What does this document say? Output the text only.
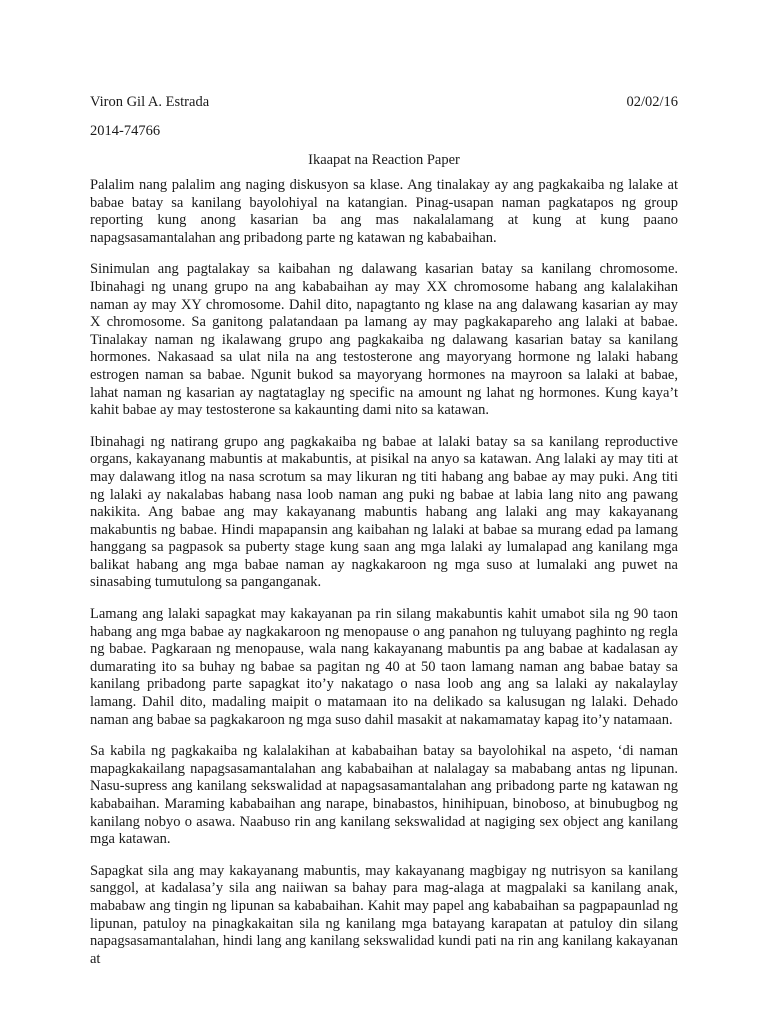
Viron Gil A. Estrada	02/02/16
2014-74766
Ikaapat na Reaction Paper

Palalim nang palalim ang naging diskusyon sa klase. Ang tinalakay ay ang pagkakaiba ng lalake at babae batay sa kanilang bayolohiyal na katangian. Pinag-usapan naman pagkatapos ng group reporting kung anong kasarian ba ang mas nakalalamang at kung at kung paano napagsasamantalahan ang pribadong parte ng katawan ng kababaihan.

Sinimulan ang pagtalakay sa kaibahan ng dalawang kasarian batay sa kanilang chromosome. Ibinahagi ng unang grupo na ang kababaihan ay may XX chromosome habang ang kalalakihan naman ay may XY chromosome. Dahil dito, napagtanto ng klase na ang dalawang kasarian ay may X chromosome. Sa ganitong palatandaan pa lamang ay may pagkakapareho ang lalaki at babae. Tinalakay naman ng ikalawang grupo ang pagkakaiba ng dalawang kasarian batay sa kanilang hormones. Nakasaad sa ulat nila na ang testosterone ang mayoryang hormone ng lalaki habang estrogen naman sa babae. Ngunit bukod sa mayoryang hormones na mayroon sa lalaki at babae, lahat naman ng kasarian ay nagtataglay ng specific na amount ng lahat ng hormones. Kung kaya’t kahit babae ay may testosterone sa kakaunting dami nito sa katawan.

Ibinahagi ng natirang grupo ang pagkakaiba ng babae at lalaki batay sa sa kanilang reproductive organs, kakayanang mabuntis at makabuntis, at pisikal na anyo sa katawan. Ang lalaki ay may titi at may dalawang itlog na nasa scrotum sa may likuran ng titi habang ang babae ay may puki. Ang titi ng lalaki ay nakalabas habang nasa loob naman ang puki ng babae at labia lang nito ang pawang nakikita. Ang babae ang may kakayanang mabuntis habang ang lalaki ang may kakayanang makabuntis ng babae. Hindi mapapansin ang kaibahan ng lalaki at babae sa murang edad pa lamang hanggang sa pagpasok sa puberty stage kung saan ang mga lalaki ay lumalapad ang kanilang mga balikat habang ang mga babae naman ay nagkakaroon ng mga suso at lumalaki ang puwet na sinasabing tumutulong sa panganganak.

Lamang ang lalaki sapagkat may kakayanan pa rin silang makabuntis kahit umabot sila ng 90 taon habang ang mga babae ay nagkakaroon ng menopause o ang panahon ng tuluyang paghinto ng regla ng babae. Pagkaraan ng menopause, wala nang kakayanang mabuntis pa ang babae at kadalasan ay dumarating ito sa buhay ng babae sa pagitan ng 40 at 50 taon lamang naman ang babae batay sa kanilang pribadong parte sapagkat ito’y nakatago o nasa loob ang ang sa lalaki ay nakalaylay lamang. Dahil dito, madaling maipit o matamaan ito na delikado sa kalusugan ng lalaki. Dehado naman ang babae sa pagkakaroon ng mga suso dahil masakit at nakamamatay kapag ito’y natamaan.

Sa kabila ng pagkakaiba ng kalalakihan at kababaihan batay sa bayolohikal na aspeto, ‘di naman mapagkakailang napagsasamantalahan ang kababaihan at nalalagay sa mababang antas ng lipunan. Nasu-supress ang kanilang sekswalidad at napagsasamantalahan ang pribadong parte ng katawan ng kababaihan. Maraming kababaihan ang narape, binabastos, hinihipuan, binoboso, at binubugbog ng kanilang nobyo o asawa. Naabuso rin ang kanilang sekswalidad at nagiging sex object ang kanilang mga katawan.

Sapagkat sila ang may kakayanang mabuntis, may kakayanang magbigay ng nutrisyon sa kanilang sanggol, at kadalasa’y sila ang naiiwan sa bahay para mag-alaga at magpalaki sa kanilang anak, mababaw ang tingin ng lipunan sa kababaihan. Kahit may papel ang kababaihan sa pagpapaunlad ng lipunan, patuloy na pinagkakaitan sila ng kanilang mga batayang karapatan at patuloy din silang napagsasamantalahan, hindi lang ang kanilang sekswalidad kundi pati na rin ang kanilang kakayanan at
